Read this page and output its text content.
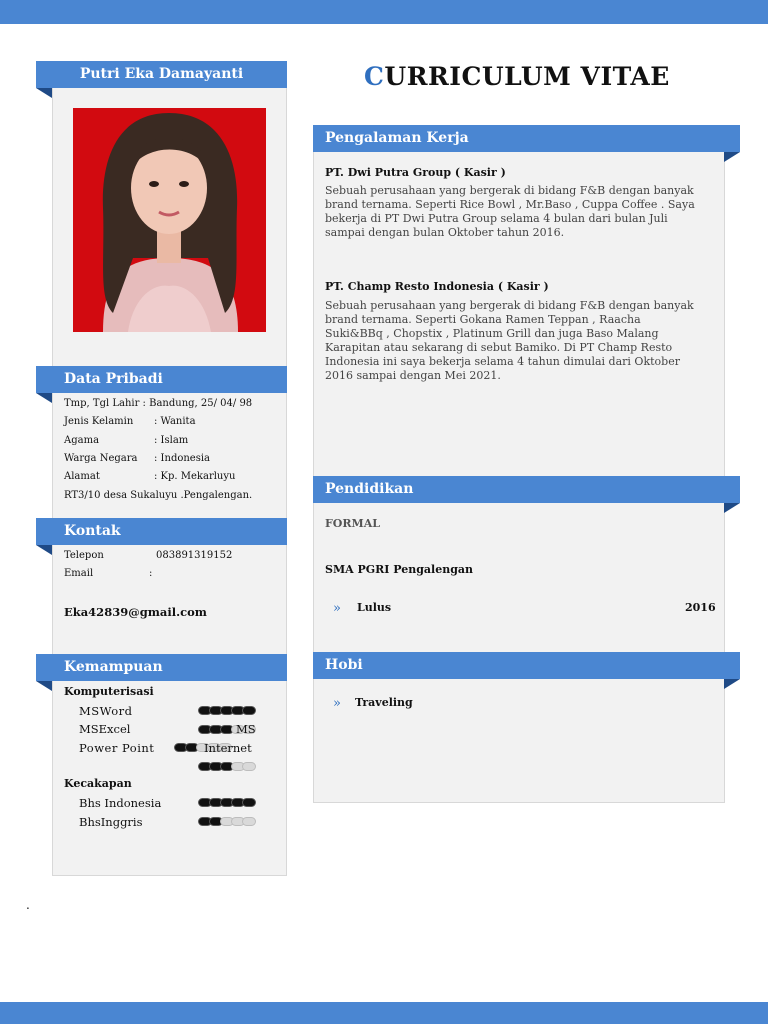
Putri Eka Damayanti	CURRICULUM VITAE
Data Pribadi
Tmp, Tgl Lahir : Bandung, 25/ 04/ 98
Jenis Kelamin : Wanita
Agama	: Islam
Warga Negara : Indonesia
Alamat	: Kp. Mekarluyu
RT3/10 desa Sukaluyu .Pengalengan.
Kontak
Telepon	083891319152
Email	:
Eka42839@gmail.com
Kemampuan
Komputerisasi
MSWord
MSExcel	MS
Power Point	Internet
Kecakapan
Bhs Indonesia
BhsInggris
Pengalaman Kerja
PT. Dwi Putra Group ( Kasir )
Sebuah perusahaan yang bergerak di bidang F&B dengan banyak
brand ternama. Seperti Rice Bowl , Mr.Baso , Cuppa Coffee . Saya
bekerja di PT Dwi Putra Group selama 4 bulan dari bulan Juli
sampai dengan bulan Oktober tahun 2016.
PT. Champ Resto Indonesia ( Kasir )
Sebuah perusahaan yang bergerak di bidang F&B dengan banyak
brand ternama. Seperti Gokana Ramen Teppan , Raacha
Suki&BBq , Chopstix , Platinum Grill dan juga Baso Malang
Karapitan atau sekarang di sebut Bamiko. Di PT Champ Resto
Indonesia ini saya bekerja selama 4 tahun dimulai dari Oktober
2016 sampai dengan Mei 2021.
Pendidikan
FORMAL
SMA PGRI Pengalengan
» Lulus	2016
Hobi
» Traveling
.
